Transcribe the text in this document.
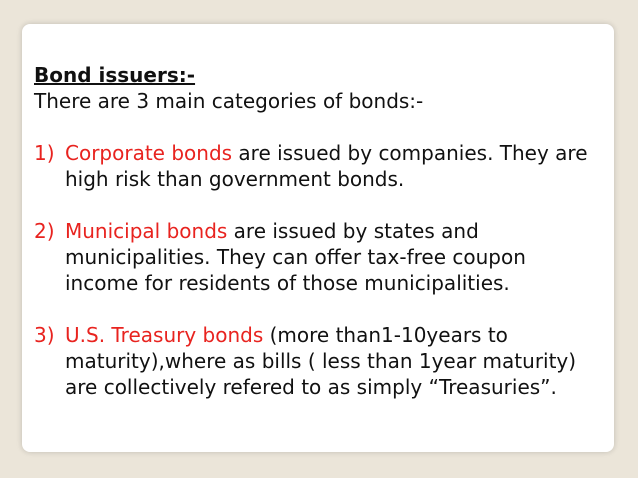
Bond issuers:-

There are 3 main categories of bonds:-

1) Corporate bonds are issued by companies. They are high risk than government bonds.
2) Municipal bonds are issued by states and municipalities. They can offer tax-free coupon income for residents of those municipalities.
3) U.S. Treasury bonds (more than1-10years to maturity),where as bills ( less than 1year maturity) are collectively refered to as simply “Treasuries”.
